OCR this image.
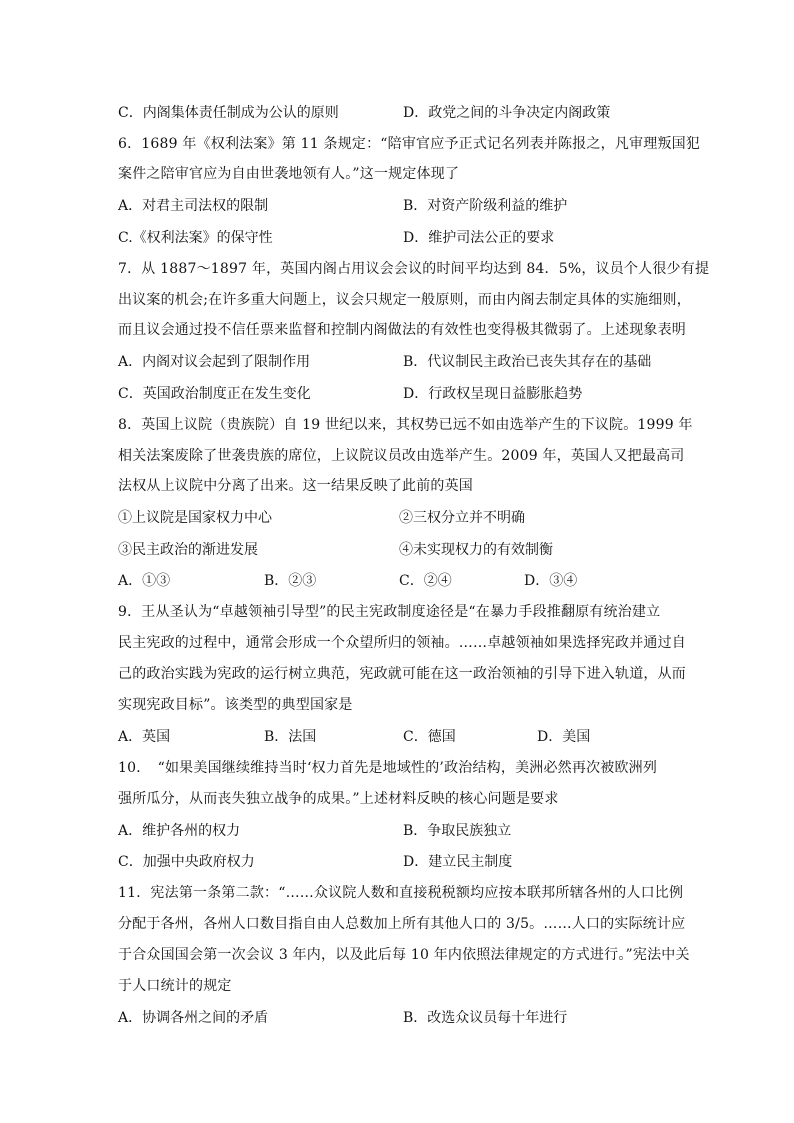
C．内阁集体责任制成为公认的原则	D．政党之间的斗争决定内阁政策
6．1689 年《权利法案》第 11 条规定：“陪审官应予正式记名列表并陈报之，凡审理叛国犯
案件之陪审官应为自由世袭地领有人。”这一规定体现了
A．对君主司法权的限制	B．对资产阶级利益的维护
C.《权利法案》的保守性	D．维护司法公正的要求
7．从 1887～1897 年，英国内阁占用议会会议的时间平均达到 84．5%，议员个人很少有提
出议案的机会;在许多重大问题上，议会只规定一般原则，而由内阁去制定具体的实施细则，
而且议会通过投不信任票来监督和控制内阁做法的有效性也变得极其微弱了。上述现象表明
A．内阁对议会起到了限制作用	B．代议制民主政治已丧失其存在的基础
C．英国政治制度正在发生变化	D．行政权呈现日益膨胀趋势
8．英国上议院（贵族院）自 19 世纪以来，其权势已远不如由选举产生的下议院。1999 年
相关法案废除了世袭贵族的席位，上议院议员改由选举产生。2009 年，英国人又把最高司
法权从上议院中分离了出来。这一结果反映了此前的英国
①上议院是国家权力中心	②三权分立并不明确
③民主政治的渐进发展	④未实现权力的有效制衡
A．①③	B．②③	C．②④	D．③④
9．王从圣认为“卓越领袖引导型”的民主宪政制度途径是“在暴力手段推翻原有统治建立
民主宪政的过程中，通常会形成一个众望所归的领袖。……卓越领袖如果选择宪政并通过自
己的政治实践为宪政的运行树立典范，宪政就可能在这一政治领袖的引导下进入轨道，从而
实现宪政目标”。该类型的典型国家是
A．英国	B．法国	C．德国	D．美国
10．　“如果美国继续维持当时‘权力首先是地域性的’政治结构，美洲必然再次被欧洲列
强所瓜分，从而丧失独立战争的成果。”上述材料反映的核心问题是要求
A．维护各州的权力	B．争取民族独立
C．加强中央政府权力	D．建立民主制度
11．宪法第一条第二款：“……众议院人数和直接税税额均应按本联邦所辖各州的人口比例
分配于各州，各州人口数目指自由人总数加上所有其他人口的 3/5。……人口的实际统计应
于合众国国会第一次会议 3 年内，以及此后每 10 年内依照法律规定的方式进行。”宪法中关
于人口统计的规定
A．协调各州之间的矛盾	B．改选众议员每十年进行
